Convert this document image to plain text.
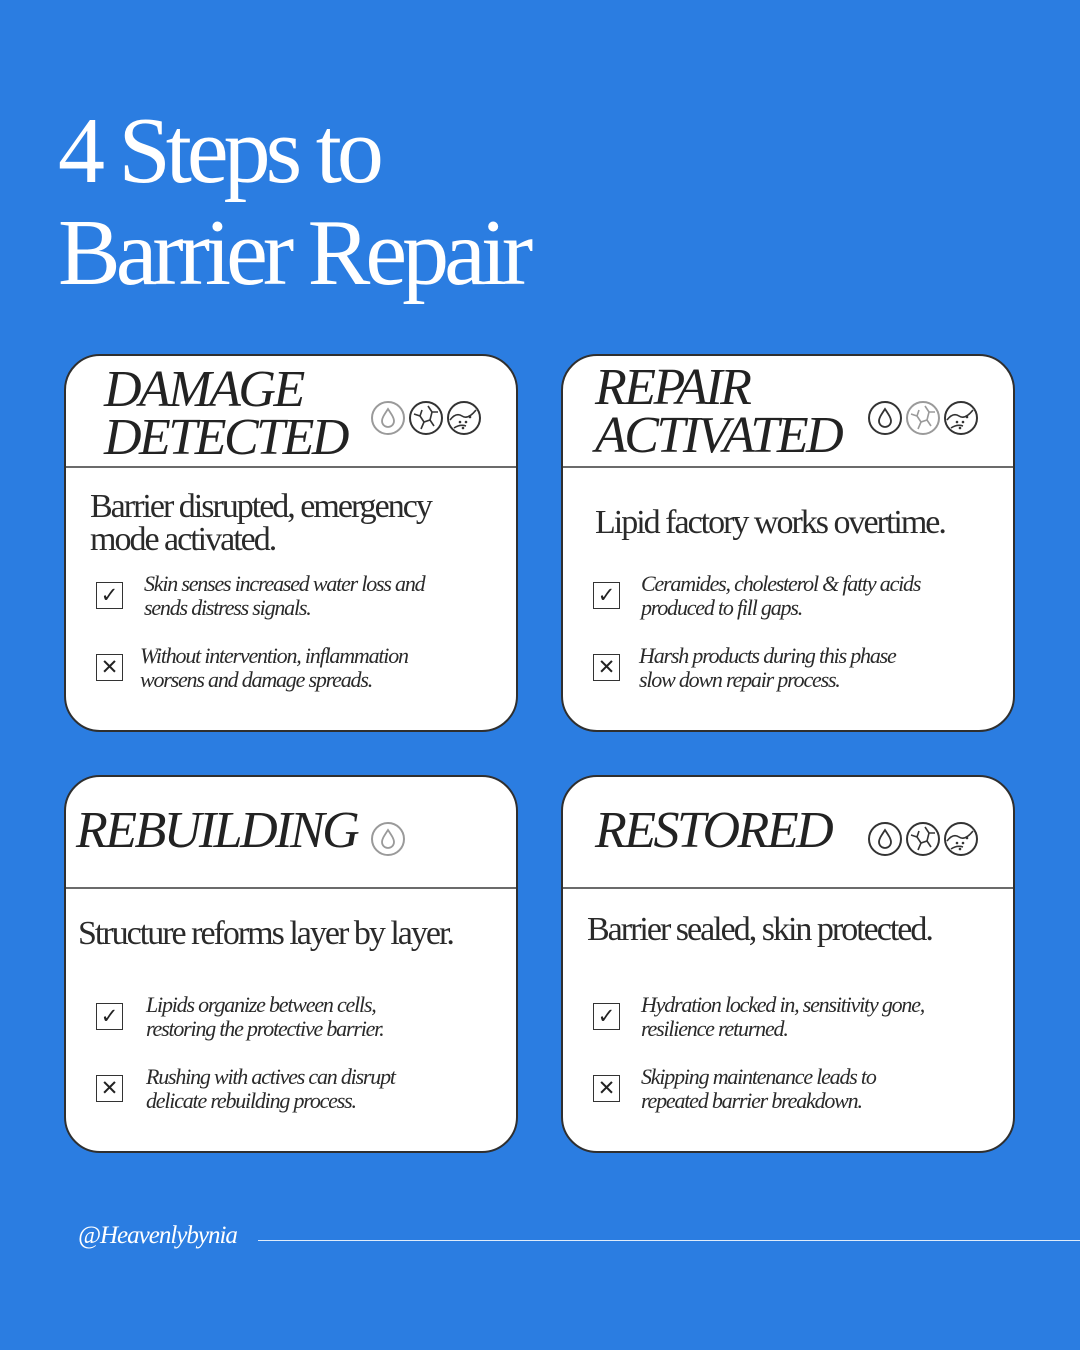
4 Steps to
Barrier Repair
DAMAGE
DETECTED
Barrier disrupted, emergency
mode activated.
✓ Skin senses increased water loss and
sends distress signals.
✕ Without intervention, inflammation
worsens and damage spreads.
REPAIR
ACTIVATED
Lipid factory works overtime.
✓ Ceramides, cholesterol & fatty acids
produced to fill gaps.
✕ Harsh products during this phase
slow down repair process.
REBUILDING
Structure reforms layer by layer.
✓ Lipids organize between cells,
restoring the protective barrier.
✕ Rushing with actives can disrupt
delicate rebuilding process.
RESTORED
Barrier sealed, skin protected.
✓ Hydration locked in, sensitivity gone,
resilience returned.
✕ Skipping maintenance leads to
repeated barrier breakdown.
@Heavenlybynia
